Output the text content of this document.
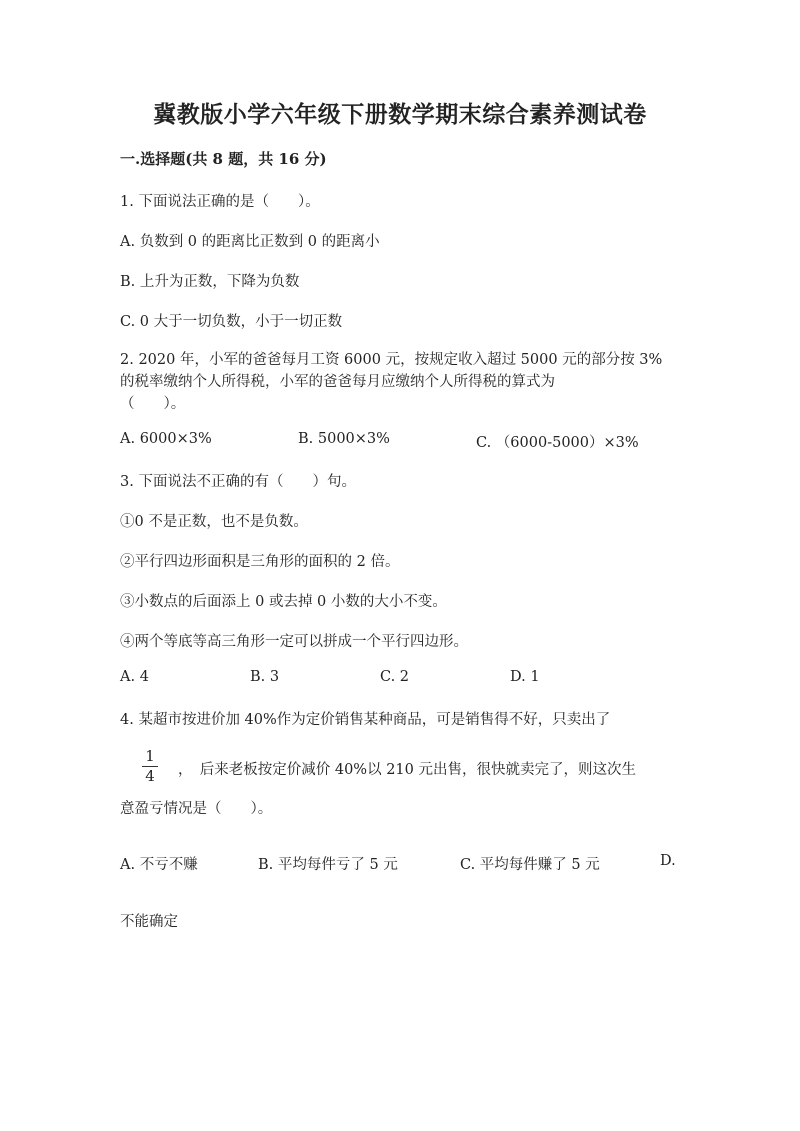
冀教版小学六年级下册数学期末综合素养测试卷
一.选择题(共 8 题，共 16 分)
1. 下面说法正确的是（　　）。
A. 负数到 0 的距离比正数到 0 的距离小
B. 上升为正数，下降为负数
C. 0 大于一切负数，小于一切正数
2. 2020 年，小军的爸爸每月工资 6000 元，按规定收入超过 5000 元的部分按 3%
的税率缴纳个人所得税，小军的爸爸每月应缴纳个人所得税的算式为
（　　）。
A. 6000×3%	B. 5000×3%	C. （6000-5000）×3%
3. 下面说法不正确的有（　　）句。
①0 不是正数，也不是负数。
②平行四边形面积是三角形的面积的 2 倍。
③小数点的后面添上 0 或去掉 0 小数的大小不变。
④两个等底等高三角形一定可以拼成一个平行四边形。
A. 4	B. 3	C. 2	D. 1
4. 某超市按进价加 40%作为定价销售某种商品，可是销售得不好，只卖出了
1
4	，　后来老板按定价减价 40%以 210 元出售，很快就卖完了，则这次生
意盈亏情况是（　　）。
A. 不亏不赚	B. 平均每件亏了 5 元	C. 平均每件赚了 5 元	D.
不能确定
